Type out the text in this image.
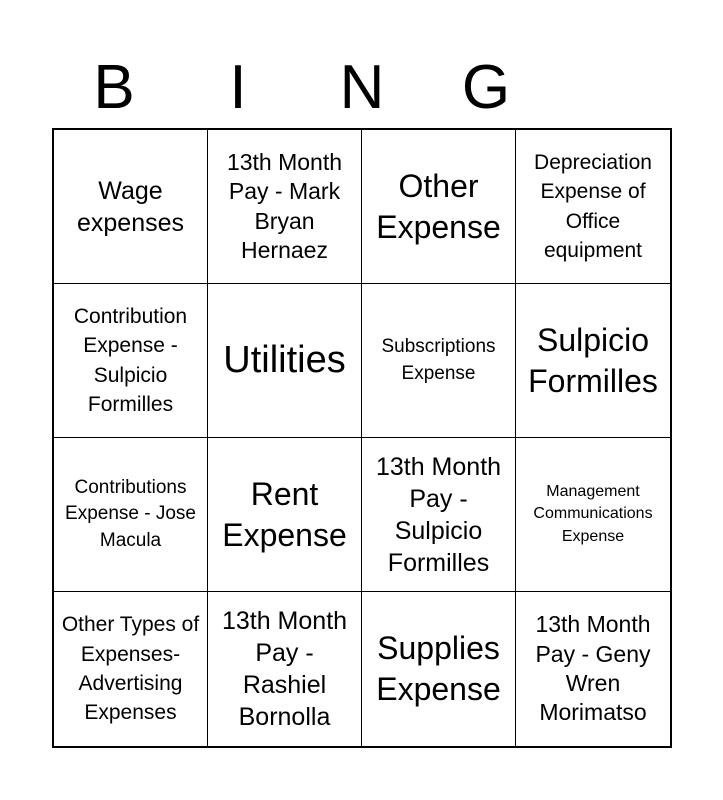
B	I	N	G
Wage expenses
13th Month Pay - Mark Bryan Hernaez
Other Expense
Depreciation Expense of Office equipment
Contribution Expense - Sulpicio Formilles
Utilities	Subscriptions Expense
Sulpicio Formilles
Contributions Expense - Jose Macula
Rent Expense
13th Month Pay - Sulpicio Formilles
Management Communications Expense
Other Types of Expenses- Advertising Expenses
13th Month Pay - Rashiel Bornolla
Supplies Expense
13th Month Pay - Geny Wren Morimatso
